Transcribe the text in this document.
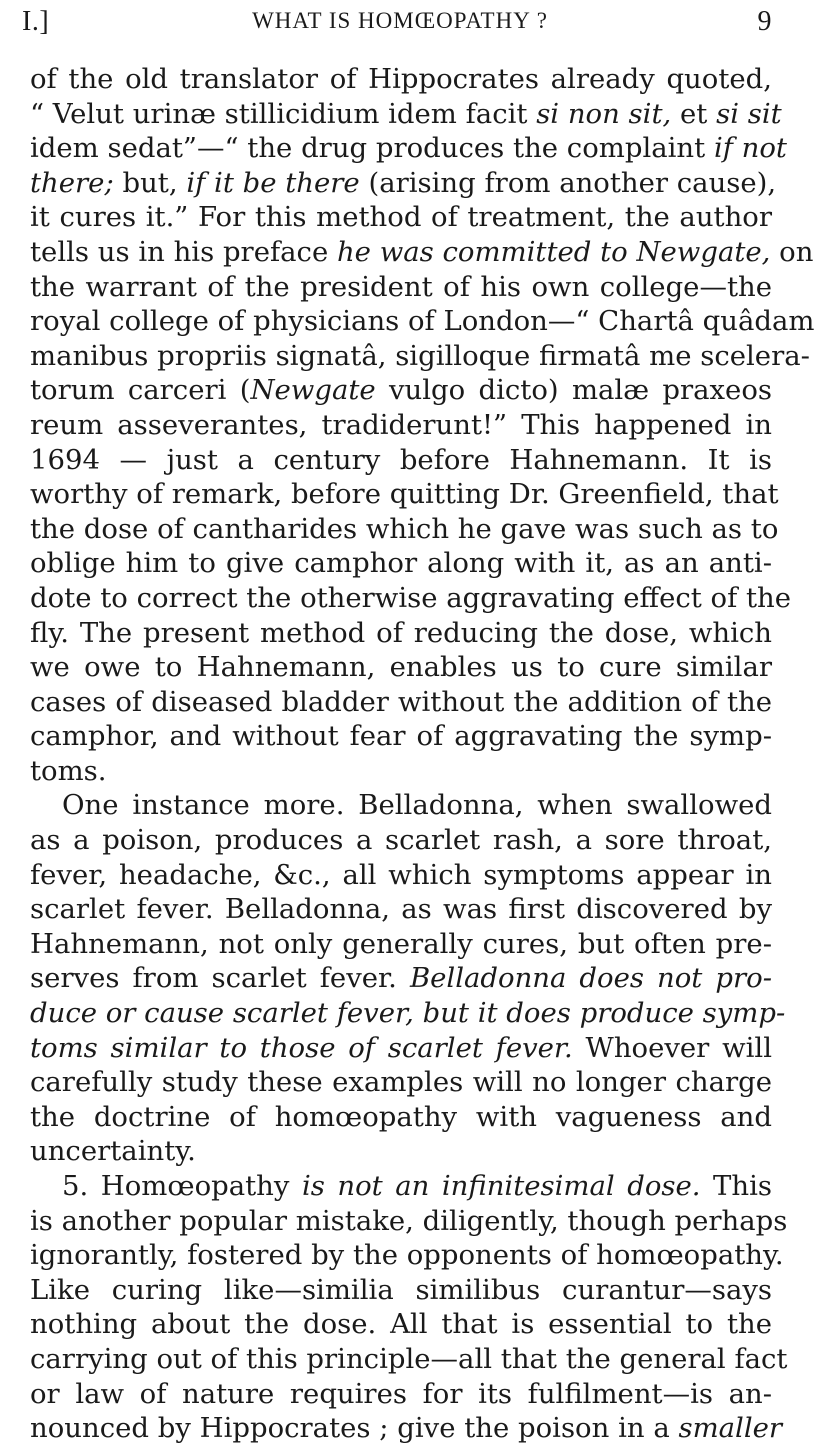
I.]	WHAT IS HOMŒOPATHY ?	9
of the old translator of Hippocrates already quoted,
“ Velut urinæ stillicidium idem facit si non sit, et si sit
idem sedat”—“ the drug produces the complaint if not
there; but, if it be there (arising from another cause),
it cures it.” For this method of treatment, the author
tells us in his preface he was committed to Newgate, on
the warrant of the president of his own college—the
royal college of physicians of London—“ Chartâ quâdam
manibus propriis signatâ, sigilloque firmatâ me scelera-
torum carceri (Newgate vulgo dicto) malæ praxeos
reum asseverantes, tradiderunt!” This happened in
1694 — just a century before Hahnemann. It is
worthy of remark, before quitting Dr. Greenfield, that
the dose of cantharides which he gave was such as to
oblige him to give camphor along with it, as an anti-
dote to correct the otherwise aggravating effect of the
fly. The present method of reducing the dose, which
we owe to Hahnemann, enables us to cure similar
cases of diseased bladder without the addition of the
camphor, and without fear of aggravating the symp-
toms.
One instance more. Belladonna, when swallowed
as a poison, produces a scarlet rash, a sore throat,
fever, headache, &c., all which symptoms appear in
scarlet fever. Belladonna, as was first discovered by
Hahnemann, not only generally cures, but often pre-
serves from scarlet fever. Belladonna does not pro-
duce or cause scarlet fever, but it does produce symp-
toms similar to those of scarlet fever. Whoever will
carefully study these examples will no longer charge
the doctrine of homœopathy with vagueness and
uncertainty.
5. Homœopathy is not an infinitesimal dose. This
is another popular mistake, diligently, though perhaps
ignorantly, fostered by the opponents of homœopathy.
Like curing like—similia similibus curantur—says
nothing about the dose. All that is essential to the
carrying out of this principle—all that the general fact
or law of nature requires for its fulfilment—is an-
nounced by Hippocrates ; give the poison in a smaller
